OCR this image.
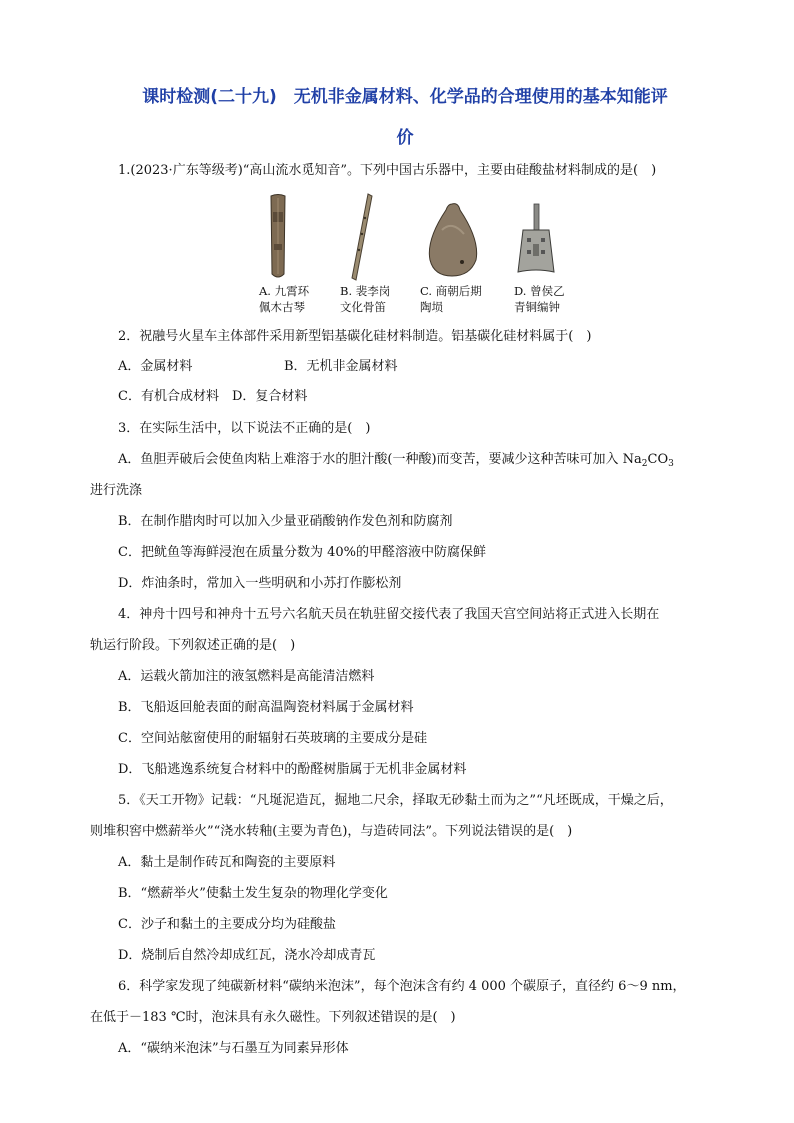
课时检测(二十九)　无机非金属材料、化学品的合理使用的基本知能评
价
1.(2023·广东等级考)“高山流水觅知音”。下列中国古乐器中，主要由硅酸盐材料制成的是(　)
A. 九霄环
佩木古琴
B. 裴李岗
文化骨笛
C. 商朝后期
陶埙
D. 曾侯乙
青铜编钟
2．祝融号火星车主体部件采用新型铝基碳化硅材料制造。铝基碳化硅材料属于(　)
A．金属材料	B．无机非金属材料
C．有机合成材料　D．复合材料
3．在实际生活中，以下说法不正确的是(　)
A．鱼胆弄破后会使鱼肉粘上难溶于水的胆汁酸(一种酸)而变苦，要减少这种苦味可加入 $Na_2CO_3$
进行洗涤
B．在制作腊肉时可以加入少量亚硝酸钠作发色剂和防腐剂
C．把鱿鱼等海鲜浸泡在质量分数为 40%的甲醛溶液中防腐保鲜
D．炸油条时，常加入一些明矾和小苏打作膨松剂
4．神舟十四号和神舟十五号六名航天员在轨驻留交接代表了我国天宫空间站将正式进入长期在
轨运行阶段。下列叙述正确的是(　)
A．运载火箭加注的液氢燃料是高能清洁燃料
B．飞船返回舱表面的耐高温陶瓷材料属于金属材料
C．空间站舷窗使用的耐辐射石英玻璃的主要成分是硅
D．飞船逃逸系统复合材料中的酚醛树脂属于无机非金属材料
5．《天工开物》记载：“凡埏泥造瓦，掘地二尺余，择取无砂黏土而为之”“凡坯既成，干燥之后，
则堆积窖中燃薪举火”“浇水转釉(主要为青色)，与造砖同法”。下列说法错误的是(　)
A．黏土是制作砖瓦和陶瓷的主要原料
B．“燃薪举火”使黏土发生复杂的物理化学变化
C．沙子和黏土的主要成分均为硅酸盐
D．烧制后自然冷却成红瓦，浇水冷却成青瓦
6．科学家发现了纯碳新材料“碳纳米泡沫”，每个泡沫含有约 4 000 个碳原子，直径约 6～9 nm，
在低于－183 ℃时，泡沫具有永久磁性。下列叙述错误的是(　)
A．“碳纳米泡沫”与石墨互为同素异形体
